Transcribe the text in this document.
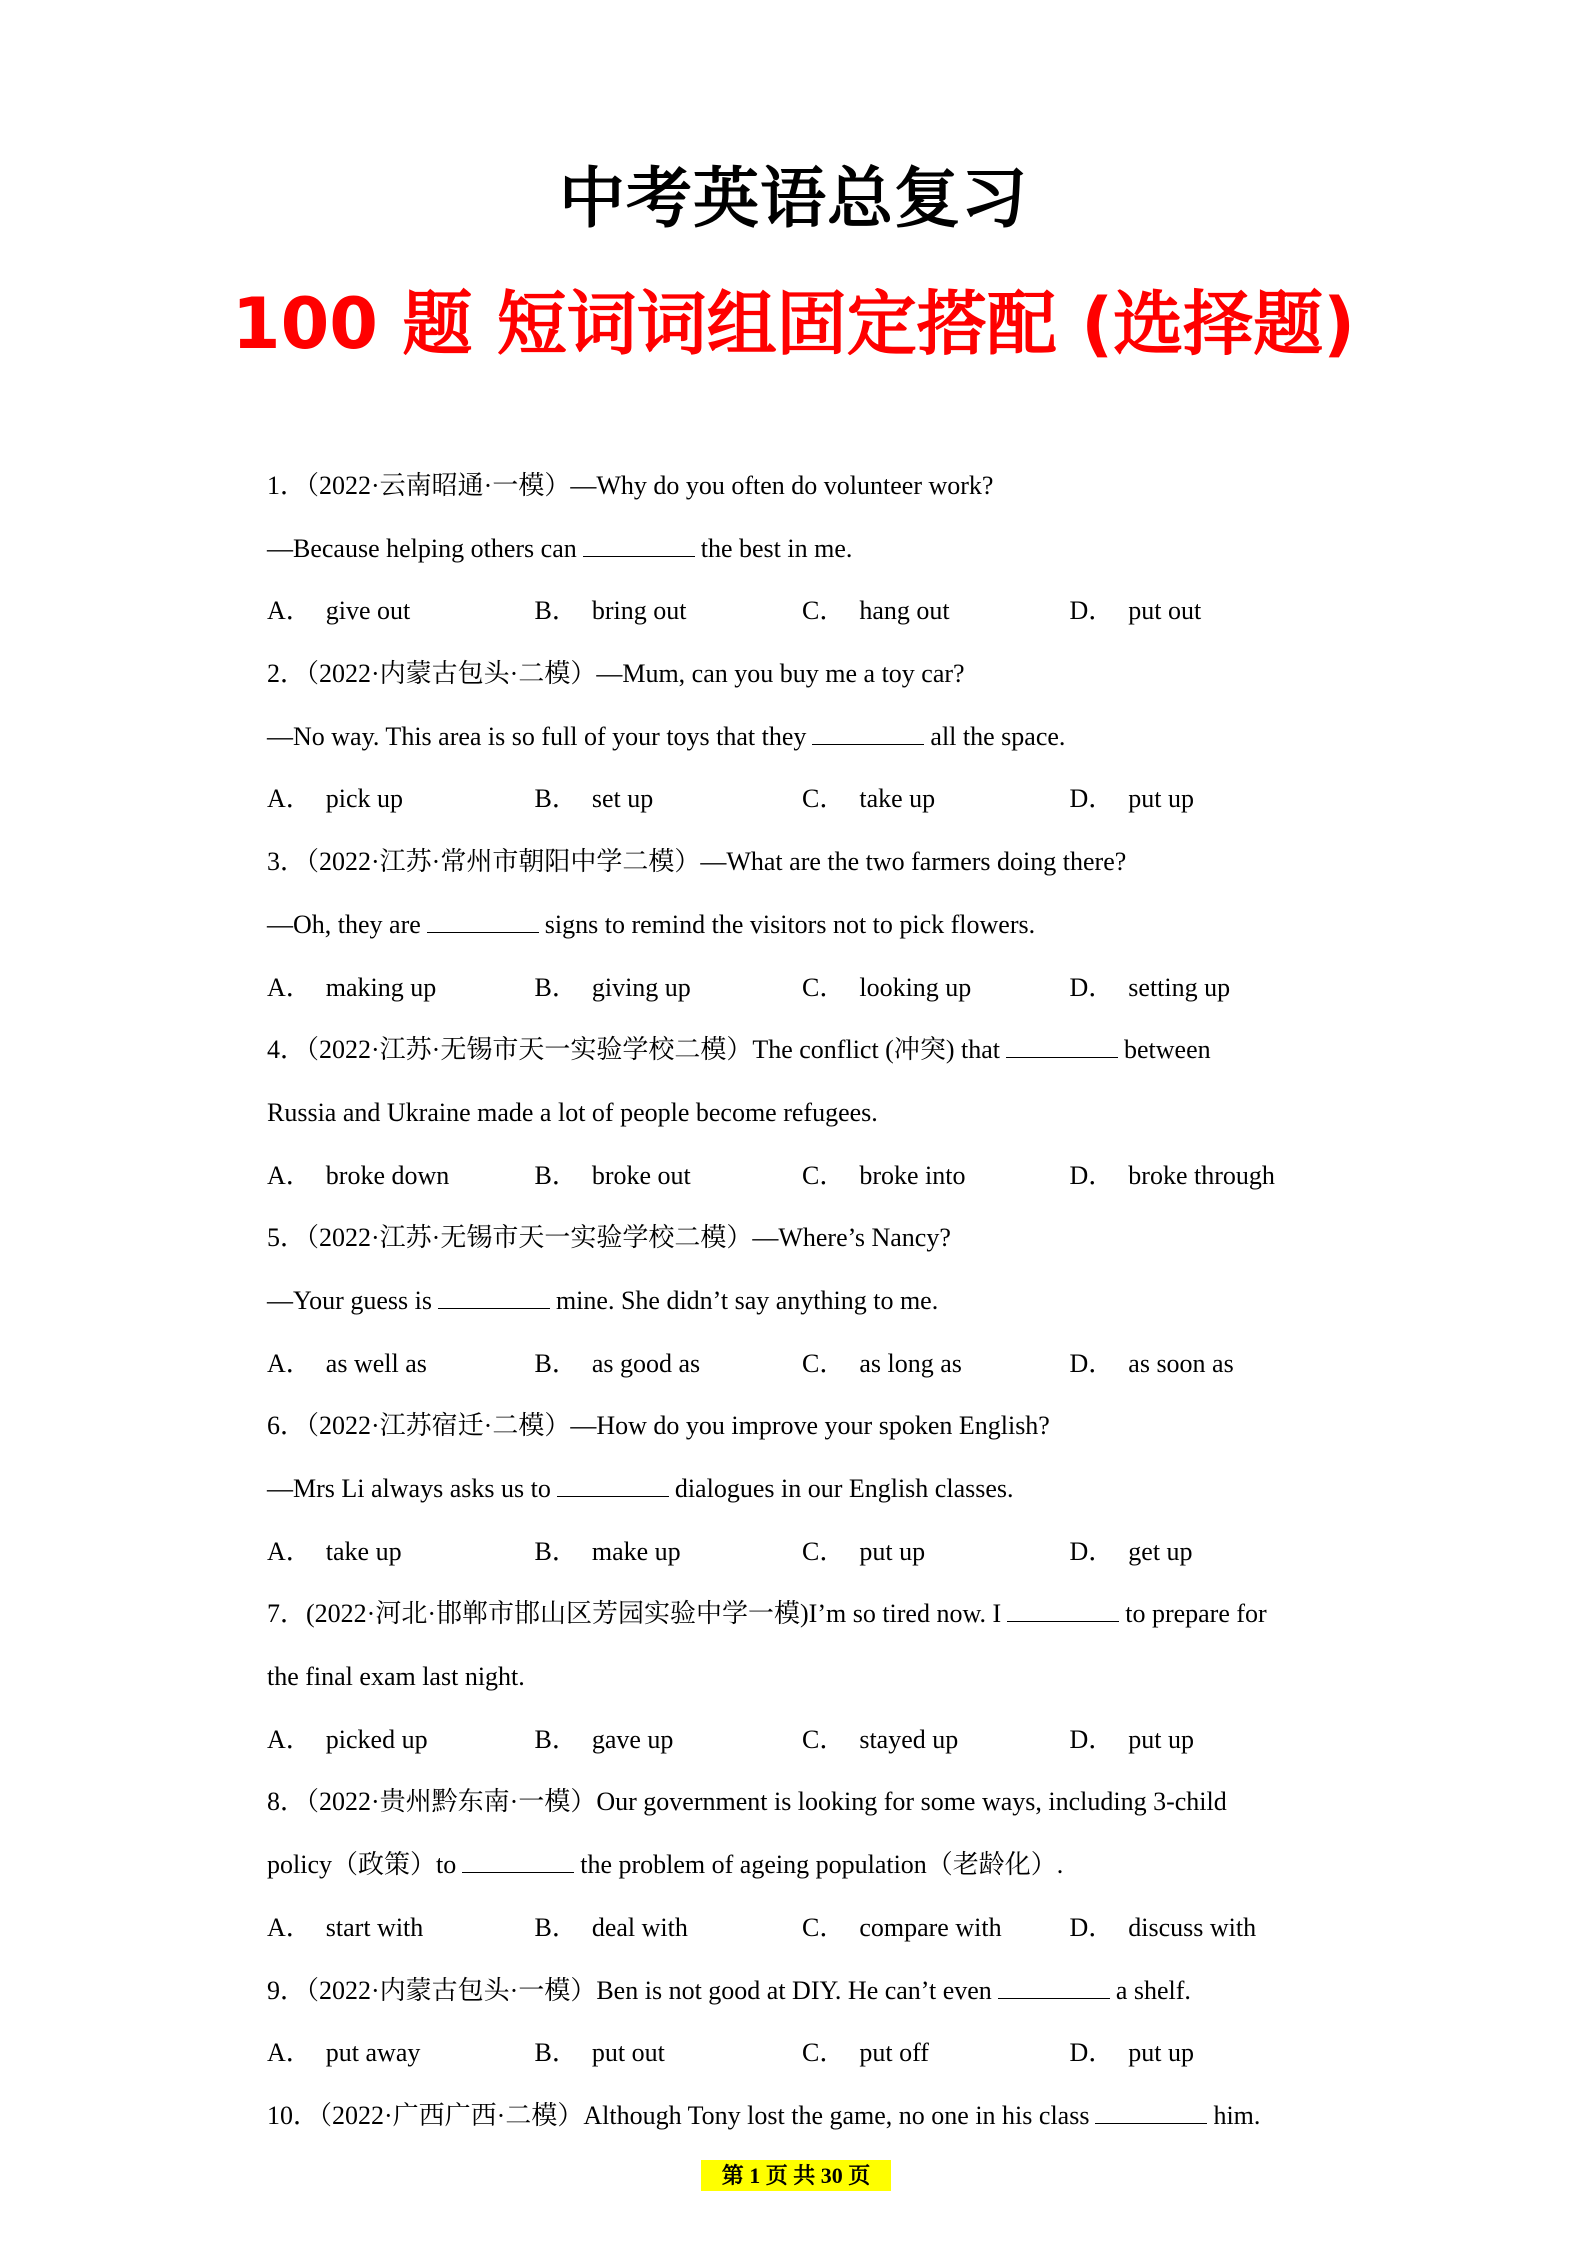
中考英语总复习
100 题 短词词组固定搭配 (选择题)
1．（2022·云南昭通·一模）—Why do you often do volunteer work?
—Because helping others can	the best in me.
A． give out	B． bring out	C． hang out	D． put out
2．（2022·内蒙古包头·二模）—Mum, can you buy me a toy car?
—No way. This area is so full of your toys that they	all the space.
A． pick up	B． set up	C． take up	D． put up
3．（2022·江苏·常州市朝阳中学二模）—What are the two farmers doing there?
—Oh, they are	signs to remind the visitors not to pick flowers.
A． making up	B． giving up	C． looking up	D． setting up
4．（2022·江苏·无锡市天一实验学校二模）The conflict (冲突) that	between
Russia and Ukraine made a lot of people become refugees.
A． broke down	B． broke out	C． broke into	D． broke through
5．（2022·江苏·无锡市天一实验学校二模）—Where’s Nancy?
—Your guess is	mine. She didn’t say anything to me.
A． as well as	B． as good as	C． as long as	D． as soon as
6．（2022·江苏宿迁·二模）—How do you improve your spoken English?
—Mrs Li always asks us to	dialogues in our English classes.
A． take up	B． make up	C． put up	D． get up
7．(2022·河北·邯郸市邯山区芳园实验中学一模)I’m so tired now. I	to prepare for
the final exam last night.
A． picked up	B． gave up	C． stayed up	D． put up
8．（2022·贵州黔东南·一模）Our government is looking for some ways, including 3-child
policy（政策）to	the problem of ageing population（老龄化）.
A． start with	B． deal with	C． compare with	D． discuss with
9．（2022·内蒙古包头·一模）Ben is not good at DIY. He can’t even	a shelf.
A． put away	B． put out	C． put off	D． put up
10．（2022·广西广西·二模）Although Tony lost the game, no one in his class	him.
第 1 页 共 30 页
